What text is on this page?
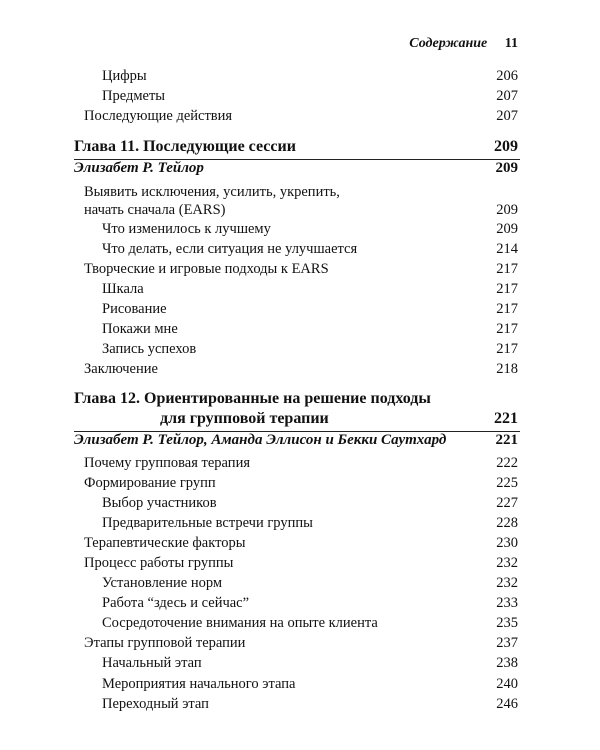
Содержание 11
Цифры	206
Предметы	207
Последующие действия	207
Глава 11. Последующие сессии	209
Элизабет Р. Тейлор	209
Выявить исключения, усилить, укрепить,
начать сначала (EARS)	209
Что изменилось к лучшему	209
Что делать, если ситуация не улучшается	214
Творческие и игровые подходы к EARS	217
Шкала	217
Рисование	217
Покажи мне	217
Запись успехов	217
Заключение	218
Глава 12. Ориентированные на решение подходы
для групповой терапии	221
Элизабет Р. Тейлор, Аманда Эллисон и Бекки Саутхард	221
Почему групповая терапия	222
Формирование групп	225
Выбор участников	227
Предварительные встречи группы	228
Терапевтические факторы	230
Процесс работы группы	232
Установление норм	232
Работа “здесь и сейчас”	233
Сосредоточение внимания на опыте клиента	235
Этапы групповой терапии	237
Начальный этап	238
Мероприятия начального этапа	240
Переходный этап	246
